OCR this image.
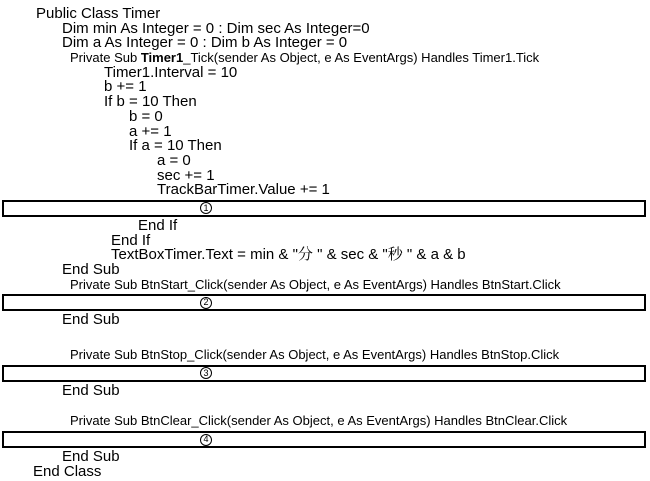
Public Class Timer
Dim min As Integer = 0 : Dim sec As Integer=0
Dim a As Integer = 0 : Dim b As Integer = 0
Private Sub Timer1_Tick(sender As Object, e As EventArgs) Handles Timer1.Tick
Timer1.Interval = 10
b += 1
If b = 10 Then
b = 0
a += 1
If a = 10 Then
a = 0
sec += 1
TrackBarTimer.Value += 1
1
End If
End If
TextBoxTimer.Text = min & "分 " & sec & "秒 " & a & b
End Sub
Private Sub BtnStart_Click(sender As Object, e As EventArgs) Handles BtnStart.Click
2
End Sub
Private Sub BtnStop_Click(sender As Object, e As EventArgs) Handles BtnStop.Click
3
End Sub
Private Sub BtnClear_Click(sender As Object, e As EventArgs) Handles BtnClear.Click
4
End Sub
End Class
